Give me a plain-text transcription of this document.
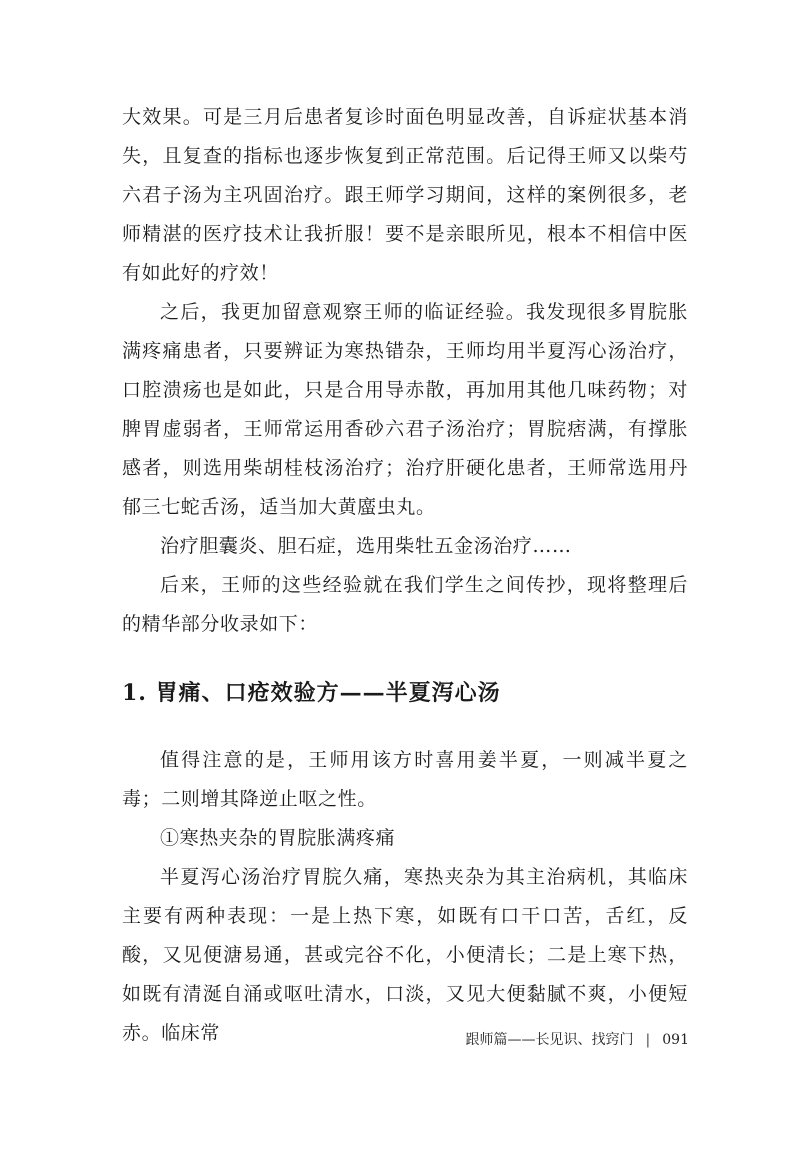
大效果。可是三月后患者复诊时面色明显改善，自诉症状基本消失，且复查的指标也逐步恢复到正常范围。后记得王师又以柴芍六君子汤为主巩固治疗。跟王师学习期间，这样的案例很多，老师精湛的医疗技术让我折服！要不是亲眼所见，根本不相信中医有如此好的疗效！

之后，我更加留意观察王师的临证经验。我发现很多胃脘胀满疼痛患者，只要辨证为寒热错杂，王师均用半夏泻心汤治疗，口腔溃疡也是如此，只是合用导赤散，再加用其他几味药物；对脾胃虚弱者，王师常运用香砂六君子汤治疗；胃脘痞满，有撑胀感者，则选用柴胡桂枝汤治疗；治疗肝硬化患者，王师常选用丹郁三七蛇舌汤，适当加大黄䗪虫丸。

治疗胆囊炎、胆石症，选用柴牡五金汤治疗……

后来，王师的这些经验就在我们学生之间传抄，现将整理后的精华部分收录如下：

1. 胃痛、口疮效验方——半夏泻心汤

值得注意的是，王师用该方时喜用姜半夏，一则减半夏之毒；二则增其降逆止呕之性。

①寒热夹杂的胃脘胀满疼痛

半夏泻心汤治疗胃脘久痛，寒热夹杂为其主治病机，其临床主要有两种表现：一是上热下寒，如既有口干口苦，舌红，反酸，又见便溏易通，甚或完谷不化，小便清长；二是上寒下热，如既有清涎自涌或呕吐清水，口淡，又见大便黏腻不爽，小便短赤。临床常	跟师篇——长见识、找窍门 | 091
